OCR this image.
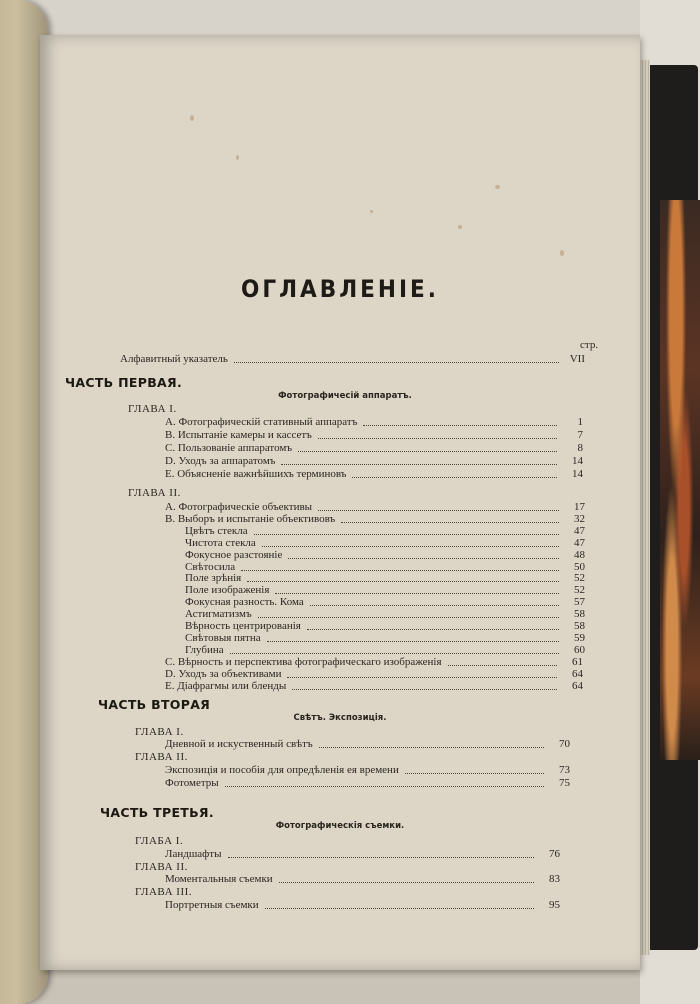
ОГЛАВЛЕНIЕ.
стр.
Алфавитный указатель	VII
ЧАСТЬ ПЕРВАЯ.
Фотографичесій аппаратъ.
ГЛАВА I.
A. Фотографическій стативный аппаратъ	1
B. Испытанie камеры и кассетъ	7
C. Пользованie аппаратомъ	8
D. Уходъ за аппаратомъ	14
E. Объясненie важнѣйшихъ терминовъ	14
ГЛАВА II.
A. Фотографическiе объективы	17
B. Выборъ и испытанie объективовъ	32
Цвѣтъ стекла	47
Чистота стекла	47
Фокусное разстоянiе	48
Свѣтосила	50
Поле зрѣнiя	52
Поле изображенiя	52
Фокусная разность. Кома	57
Астигматизмъ	58
Вѣрность центрированiя	58
Свѣтовыя пятна	59
Глубина	60
C. Вѣрность и перспектива фотографическаго изображенiя	61
D. Уходъ за объективами	64
E. Дiафрагмы или бленды	64
ЧАСТЬ ВТОРАЯ
Свѣтъ. Экспозицiя.
ГЛАВА I.
Дневной и искуственный свѣтъ	70
ГЛАВА II.
Экспозицiя и пособiя для опредѣленiя ея времени	73
Фотометры	75
ЧАСТЬ ТРЕТЬЯ.
Фотографическiя съемки.
ГЛАБА I.
Ландшафты	76
ГЛАВА II.
Моментальныя съемки	83
ГЛАВА III.
Портретныя съемки	95
